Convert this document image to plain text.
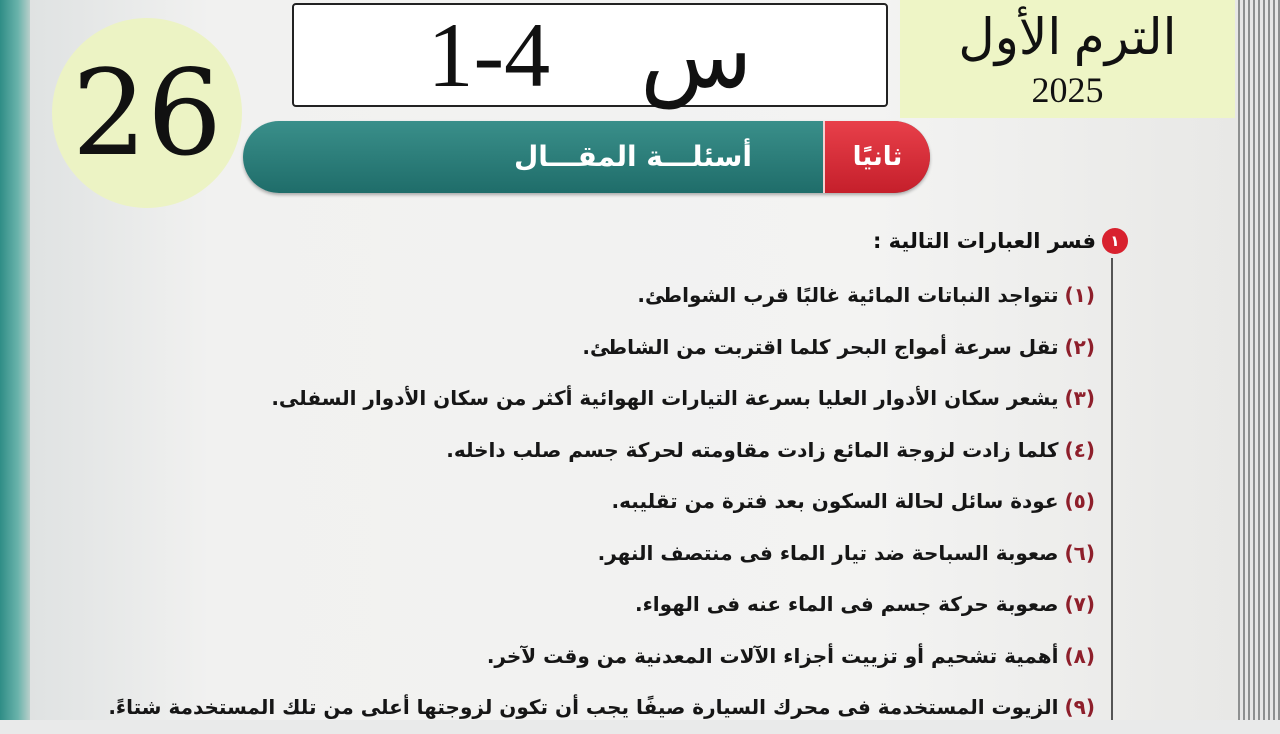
26 1-4 س	الترم الأول
2025
أسئلـــة المقـــال	ثانيًا
١
فسر العبارات التالية :
(١)تتواجد النباتات المائية غالبًا قرب الشواطئ.
(٢)تقل سرعة أمواج البحر كلما اقتربت من الشاطئ.
(٣)يشعر سكان الأدوار العليا بسرعة التيارات الهوائية أكثر من سكان الأدوار السفلى.
(٤)كلما زادت لزوجة المائع زادت مقاومته لحركة جسم صلب داخله.
(٥)عودة سائل لحالة السكون بعد فترة من تقليبه.
(٦)صعوبة السباحة ضد تيار الماء فى منتصف النهر.
(٧)صعوبة حركة جسم فى الماء عنه فى الهواء.
(٨)أهمية تشحيم أو تزييت أجزاء الآلات المعدنية من وقت لآخر.
(٩)الزيوت المستخدمة فى محرك السيارة صيفًا يجب أن تكون لزوجتها أعلى من تلك المستخدمة شتاءً.
